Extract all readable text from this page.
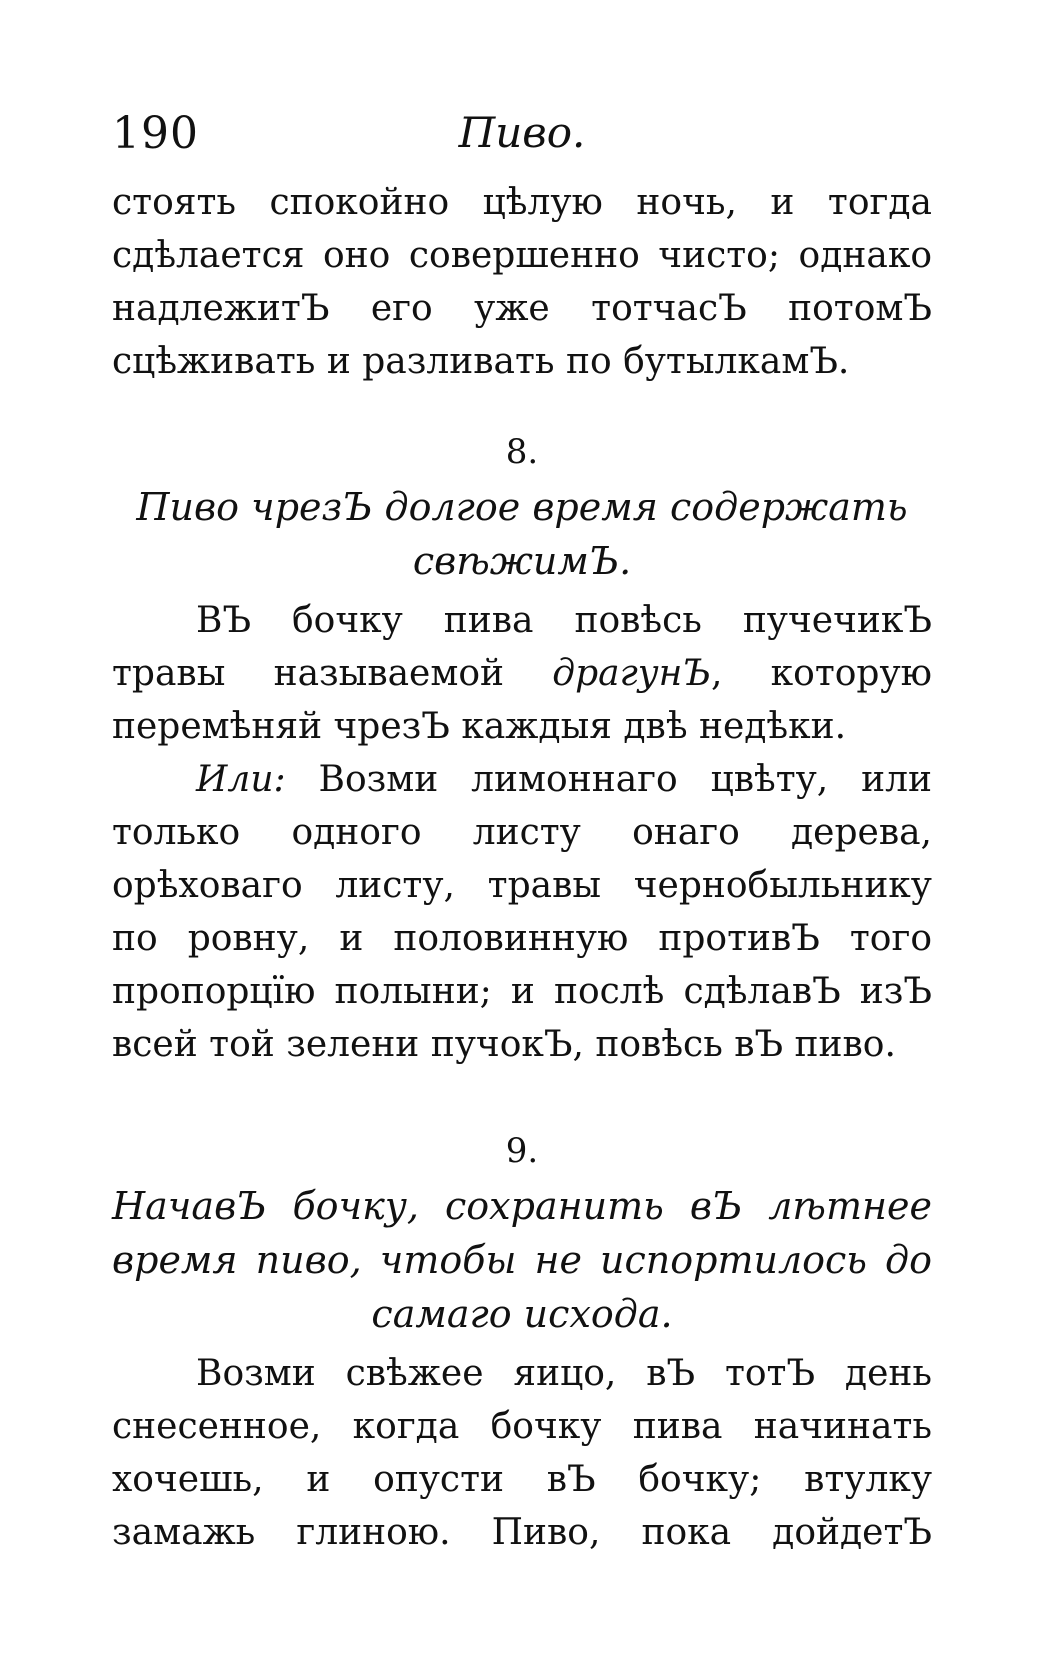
190	Пиво.
стоять спокойно цѣлую ночь, и тогда
сдѣлается оно совершенно чисто; однако
надлежитЪ его уже тотчасЪ потомЪ
сцѣживать и разливать по бутылкамЪ.
8.
Пиво чрезЪ долгое время содержать
свѣжимЪ.
ВЪ бочку пива повѣсь пучечикЪ
травы называемой драгунЪ, которую
перемѣняй чрезЪ каждыя двѣ недѣки.
Или: Возми лимоннаго цвѣту, или
только одного листу онаго дерева,
орѣховаго листу, травы чернобыльнику
по ровну, и половинную противЪ того
пропорцїю полыни; и послѣ сдѣлавЪ изЪ
всей той зелени пучокЪ, повѣсь вЪ пиво.
9.
НачавЪ бочку, сохранить вЪ лѣтнее
время пиво, чтобы не испортилось до
самаго исхода.
Возми свѣжее яицо, вЪ тотЪ день
снесенное, когда бочку пива начинать
хочешь, и опусти вЪ бочку; втулку
замажь глиною. Пиво, пока дойдетЪ
